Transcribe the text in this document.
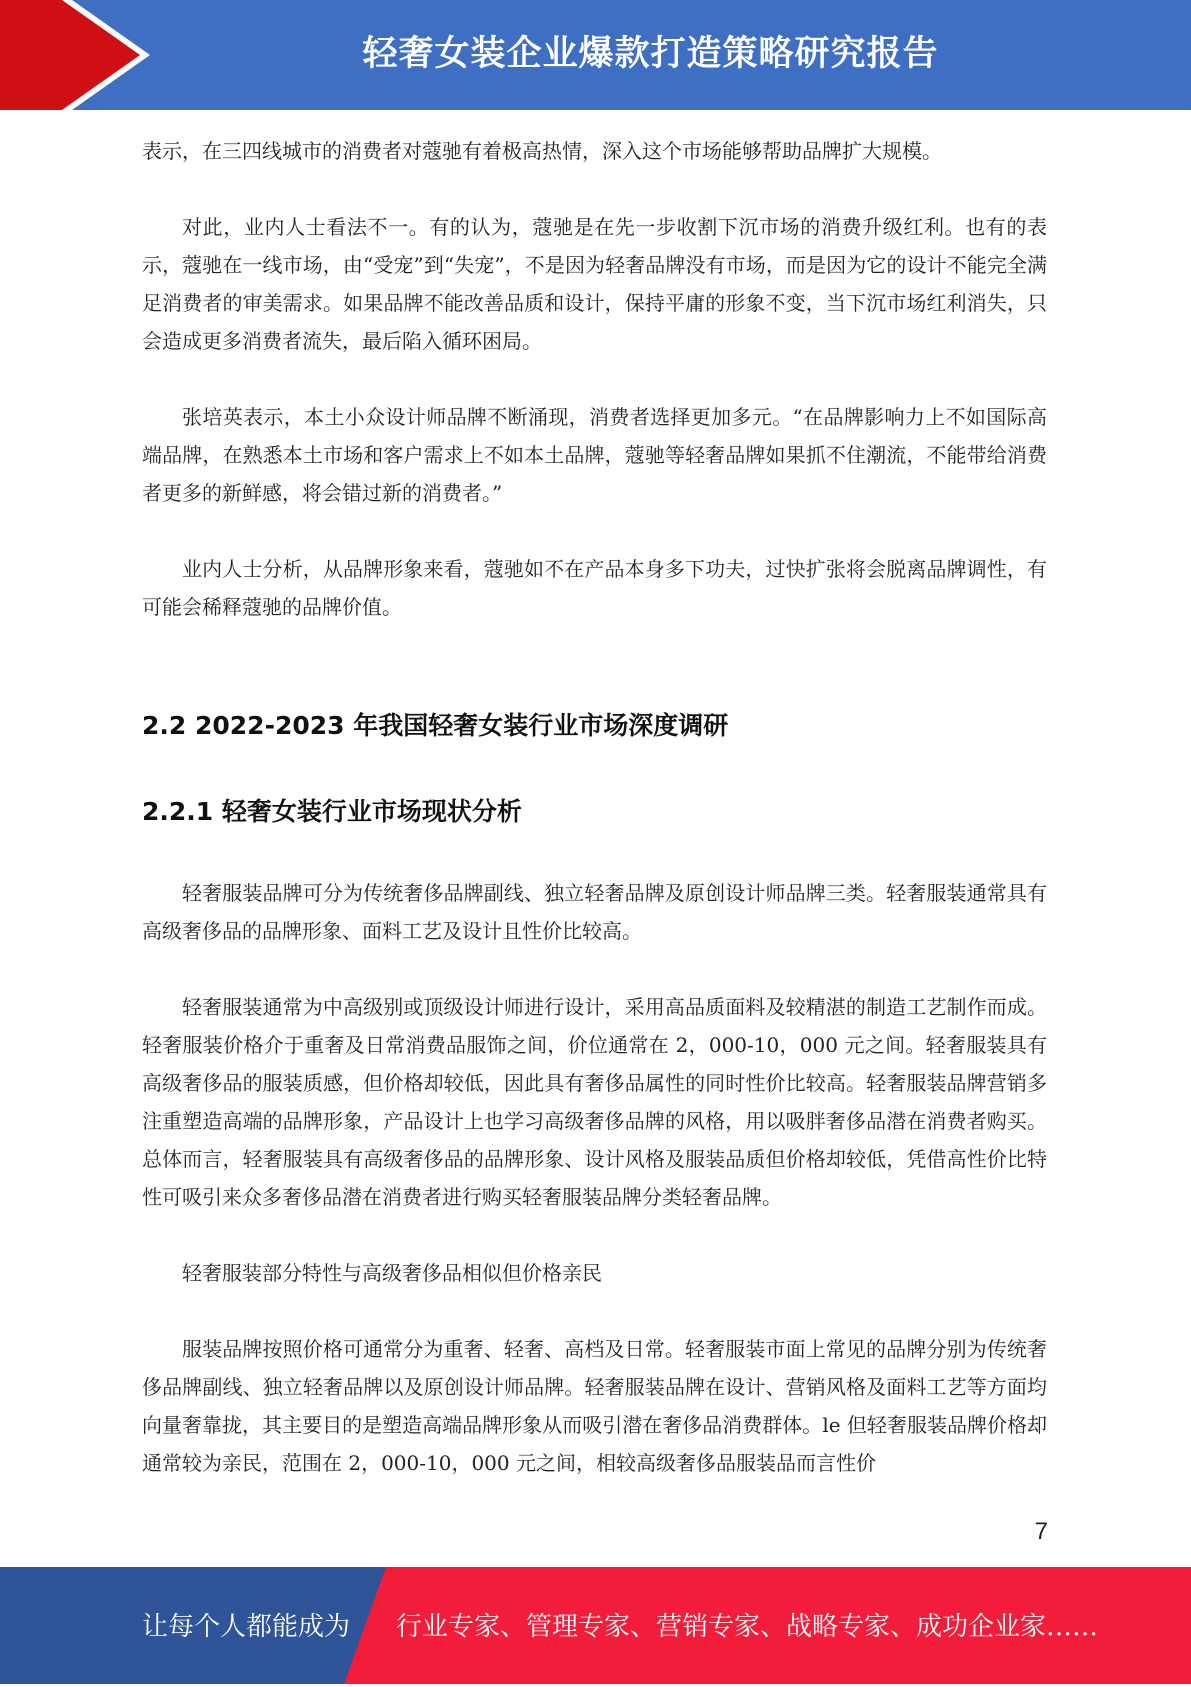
轻奢女装企业爆款打造策略研究报告

表示，在三四线城市的消费者对蔻驰有着极高热情，深入这个市场能够帮助品牌扩大规模。

对此，业内人士看法不一。有的认为，蔻驰是在先一步收割下沉市场的消费升级红利。也有的表示，蔻驰在一线市场，由“受宠”到“失宠”，不是因为轻奢品牌没有市场，而是因为它的设计不能完全满足消费者的审美需求。如果品牌不能改善品质和设计，保持平庸的形象不变，当下沉市场红利消失，只会造成更多消费者流失，最后陷入循环困局。

张培英表示，本土小众设计师品牌不断涌现，消费者选择更加多元。“在品牌影响力上不如国际高端品牌，在熟悉本土市场和客户需求上不如本土品牌，蔻驰等轻奢品牌如果抓不住潮流，不能带给消费者更多的新鲜感，将会错过新的消费者。”

业内人士分析，从品牌形象来看，蔻驰如不在产品本身多下功夫，过快扩张将会脱离品牌调性，有可能会稀释蔻驰的品牌价值。

2.2 2022-2023 年我国轻奢女装行业市场深度调研
2.2.1 轻奢女装行业市场现状分析

轻奢服装品牌可分为传统奢侈品牌副线、独立轻奢品牌及原创设计师品牌三类。轻奢服装通常具有高级奢侈品的品牌形象、面料工艺及设计且性价比较高。

轻奢服装通常为中高级别或顶级设计师进行设计，采用高品质面料及较精湛的制造工艺制作而成。轻奢服装价格介于重奢及日常消费品服饰之间，价位通常在 2，000-10，000 元之间。轻奢服装具有高级奢侈品的服装质感，但价格却较低，因此具有奢侈品属性的同时性价比较高。轻奢服装品牌营销多注重塑造高端的品牌形象，产品设计上也学习高级奢侈品牌的风格，用以吸胖奢侈品潜在消费者购买。总体而言，轻奢服装具有高级奢侈品的品牌形象、设计风格及服装品质但价格却较低，凭借高性价比特性可吸引来众多奢侈品潜在消费者进行购买轻奢服装品牌分类轻奢品牌。

轻奢服装部分特性与高级奢侈品相似但价格亲民

服装品牌按照价格可通常分为重奢、轻奢、高档及日常。轻奢服装市面上常见的品牌分别为传统奢侈品牌副线、独立轻奢品牌以及原创设计师品牌。轻奢服装品牌在设计、营销风格及面料工艺等方面均向量奢靠拢，其主要目的是塑造高端品牌形象从而吸引潜在奢侈品消费群体。le 但轻奢服装品牌价格却通常较为亲民，范围在 2，000-10，000 元之间，相较高级奢侈品服装品而言性价

7
让每个人都能成为 行业专家、管理专家、营销专家、战略专家、成功企业家……
